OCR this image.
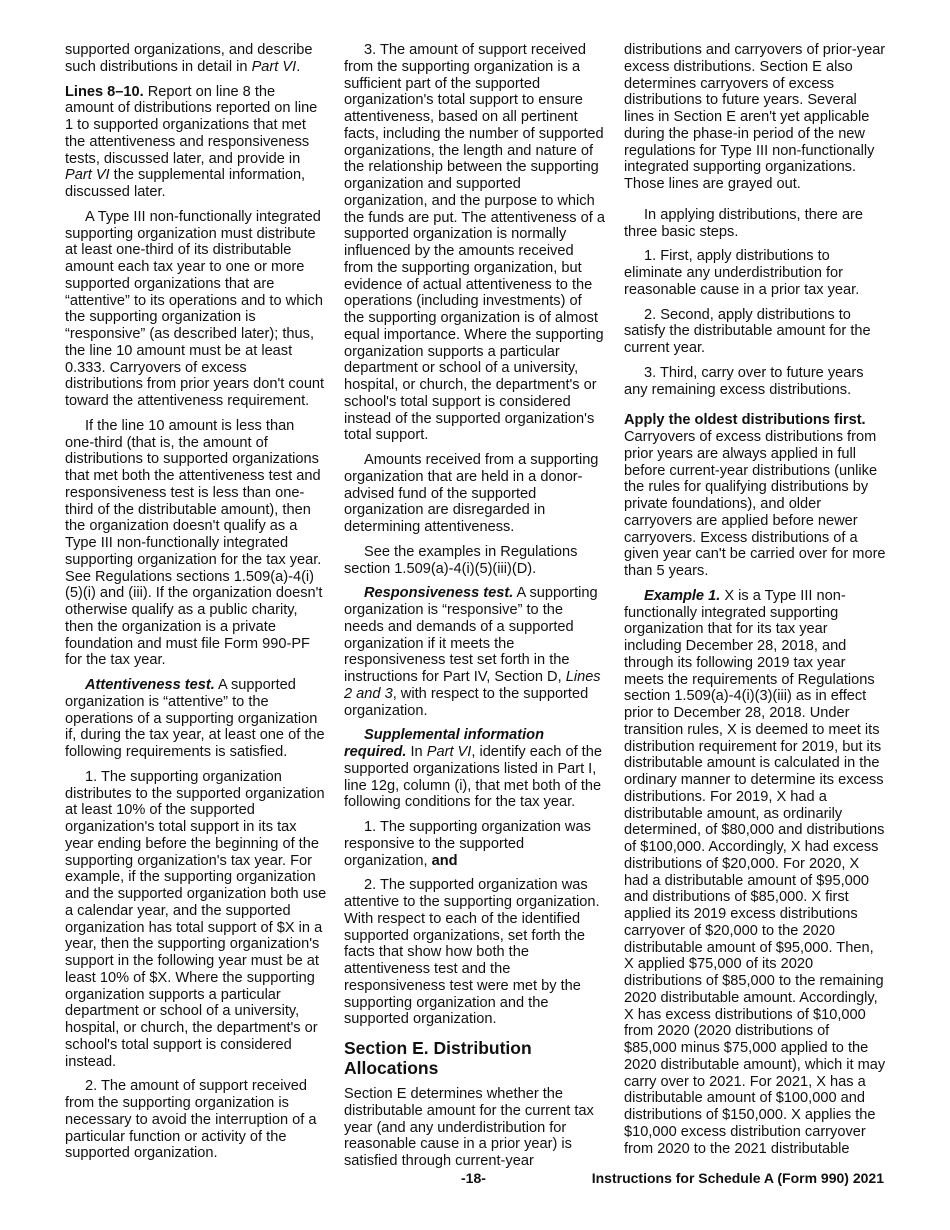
supported organizations, and describe such distributions in detail in Part VI.

Lines 8–10. Report on line 8 the amount of distributions reported on line 1 to supported organizations that met the attentiveness and responsiveness tests, discussed later, and provide in Part VI the supplemental information, discussed later.

A Type III non-functionally integrated supporting organization must distribute at least one-third of its distributable amount each tax year to one or more supported organizations that are “attentive” to its operations and to which the supporting organization is “responsive” (as described later); thus, the line 10 amount must be at least 0.333. Carryovers of excess distributions from prior years don't count toward the attentiveness requirement.

If the line 10 amount is less than one-third (that is, the amount of distributions to supported organizations that met both the attentiveness test and responsiveness test is less than one-third of the distributable amount), then the organization doesn't qualify as a Type III non-functionally integrated supporting organization for the tax year. See Regulations sections 1.509(a)-4(i)(5)(i) and (iii). If the organization doesn't otherwise qualify as a public charity, then the organization is a private foundation and must file Form 990-PF for the tax year.

Attentiveness test. A supported organization is “attentive” to the operations of a supporting organization if, during the tax year, at least one of the following requirements is satisfied.

1. The supporting organization distributes to the supported organization at least 10% of the supported organization's total support in its tax year ending before the beginning of the supporting organization's tax year. For example, if the supporting organization and the supported organization both use a calendar year, and the supported organization has total support of $X in a year, then the supporting organization's support in the following year must be at least 10% of $X. Where the supporting organization supports a particular department or school of a university, hospital, or church, the department's or school's total support is considered instead.

2. The amount of support received from the supporting organization is necessary to avoid the interruption of a particular function or activity of the supported organization.

3. The amount of support received from the supporting organization is a sufficient part of the supported organization's total support to ensure attentiveness, based on all pertinent facts, including the number of supported organizations, the length and nature of the relationship between the supporting organization and supported organization, and the purpose to which the funds are put. The attentiveness of a supported organization is normally influenced by the amounts received from the supporting organization, but evidence of actual attentiveness to the operations (including investments) of the supporting organization is of almost equal importance. Where the supporting organization supports a particular department or school of a university, hospital, or church, the department's or school's total support is considered instead of the supported organization's total support.

Amounts received from a supporting organization that are held in a donor-advised fund of the supported organization are disregarded in determining attentiveness.

See the examples in Regulations section 1.509(a)-4(i)(5)(iii)(D).

Responsiveness test. A supporting organization is “responsive” to the needs and demands of a supported organization if it meets the responsiveness test set forth in the instructions for Part IV, Section D, Lines 2 and 3, with respect to the supported organization.

Supplemental information required. In Part VI, identify each of the supported organizations listed in Part I, line 12g, column (i), that met both of the following conditions for the tax year.

1. The supporting organization was responsive to the supported organization, and

2. The supported organization was attentive to the supporting organization. With respect to each of the identified supported organizations, set forth the facts that show how both the attentiveness test and the responsiveness test were met by the supporting organization and the supported organization.

Section E. Distribution Allocations

Section E determines whether the distributable amount for the current tax year (and any underdistribution for reasonable cause in a prior year) is satisfied through current-year

distributions and carryovers of prior-year excess distributions. Section E also determines carryovers of excess distributions to future years. Several lines in Section E aren't yet applicable during the phase-in period of the new regulations for Type III non-functionally integrated supporting organizations. Those lines are grayed out.

In applying distributions, there are three basic steps.

1. First, apply distributions to eliminate any underdistribution for reasonable cause in a prior tax year.

2. Second, apply distributions to satisfy the distributable amount for the current year.

3. Third, carry over to future years any remaining excess distributions.

Apply the oldest distributions first. Carryovers of excess distributions from prior years are always applied in full before current-year distributions (unlike the rules for qualifying distributions by private foundations), and older carryovers are applied before newer carryovers. Excess distributions of a given year can't be carried over for more than 5 years.

Example 1. X is a Type III non-functionally integrated supporting organization that for its tax year including December 28, 2018, and through its following 2019 tax year meets the requirements of Regulations section 1.509(a)-4(i)(3)(iii) as in effect prior to December 28, 2018. Under transition rules, X is deemed to meet its distribution requirement for 2019, but its distributable amount is calculated in the ordinary manner to determine its excess distributions. For 2019, X had a distributable amount, as ordinarily determined, of $80,000 and distributions of $100,000. Accordingly, X had excess distributions of $20,000. For 2020, X had a distributable amount of $95,000 and distributions of $85,000. X first applied its 2019 excess distributions carryover of $20,000 to the 2020 distributable amount of $95,000. Then, X applied $75,000 of its 2020 distributions of $85,000 to the remaining 2020 distributable amount. Accordingly, X has excess distributions of $10,000 from 2020 (2020 distributions of $85,000 minus $75,000 applied to the 2020 distributable amount), which it may carry over to 2021. For 2021, X has a distributable amount of $100,000 and distributions of $150,000. X applies the $10,000 excess distribution carryover from 2020 to the 2021 distributable

-18-	Instructions for Schedule A (Form 990) 2021
